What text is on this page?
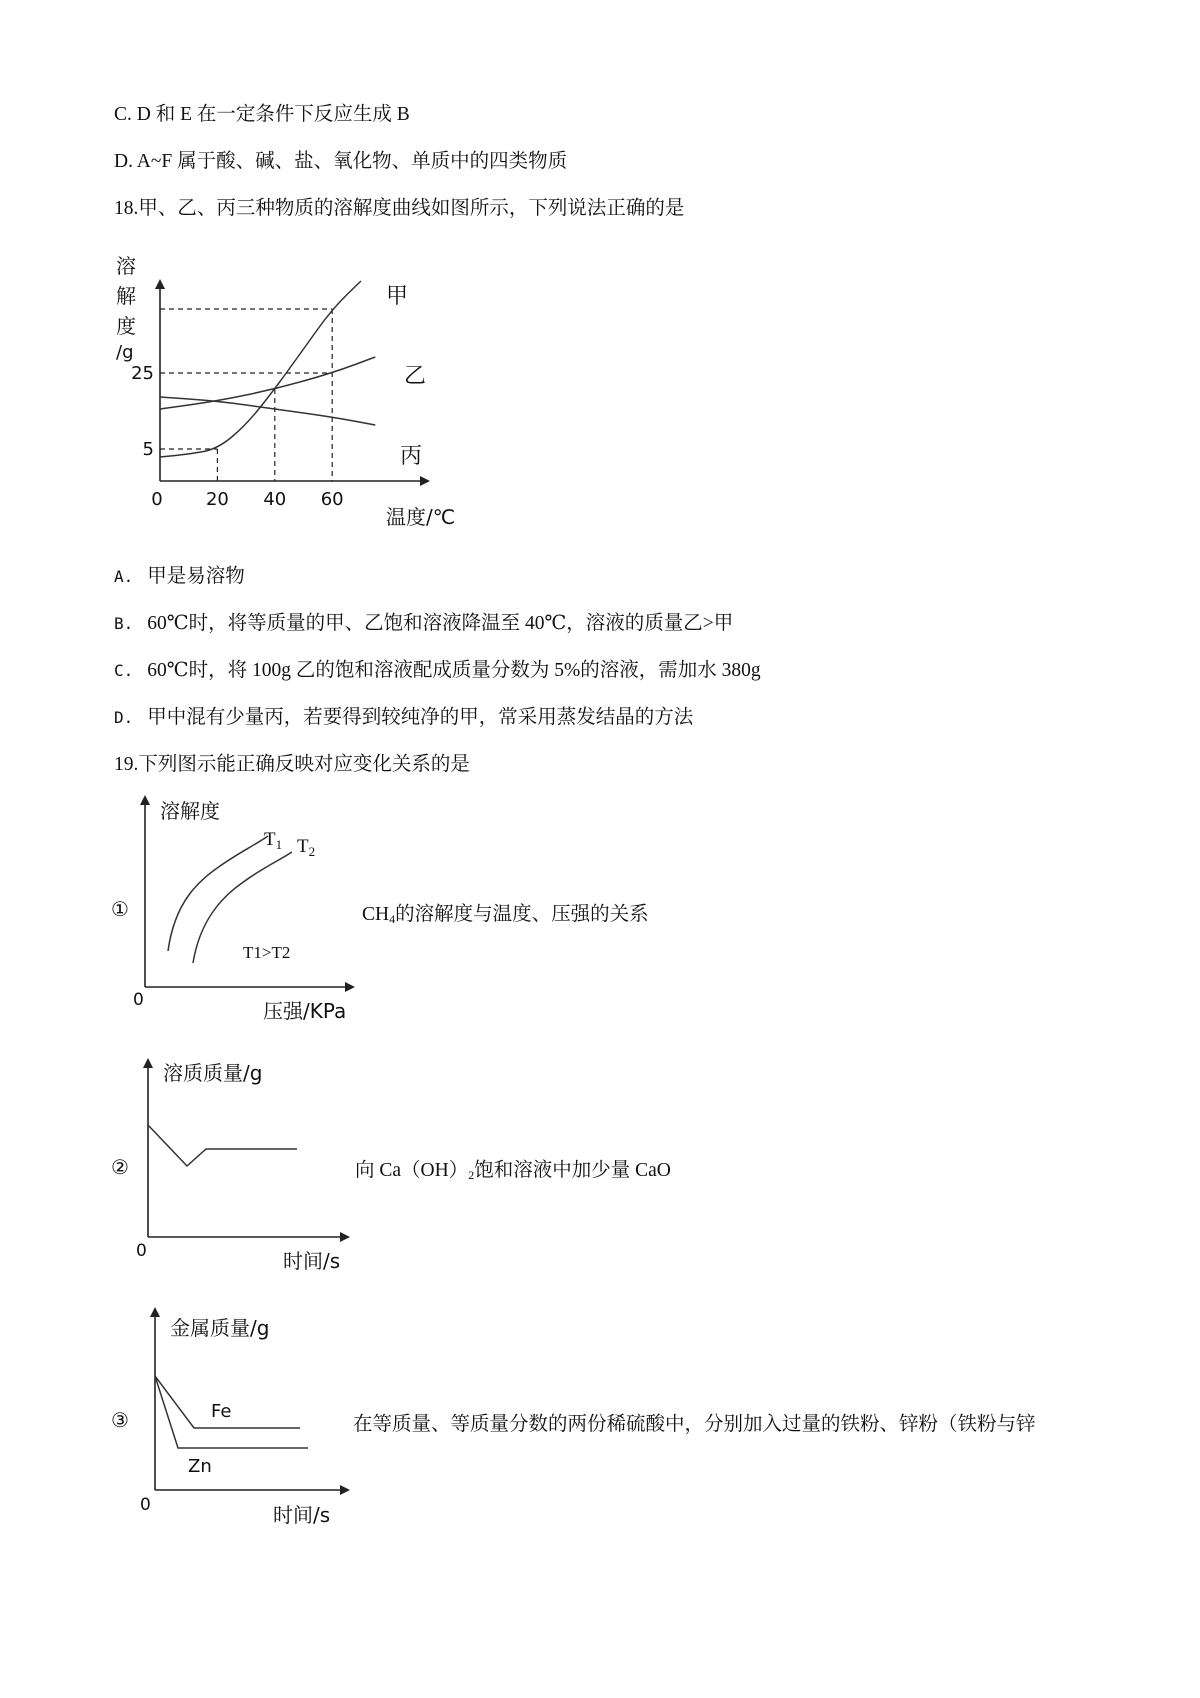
C. D 和 E 在一定条件下反应生成 B
D. A~F 属于酸、碱、盐、氧化物、单质中的四类物质
18.甲、乙、丙三种物质的溶解度曲线如图所示，下列说法正确的是
0 20 40 60
5
25
溶
解
度
/g
温度/℃
甲
乙
丙
A. 甲是易溶物
B. 60℃时，将等质量的甲、乙饱和溶液降温至 40℃，溶液的质量乙>甲
C. 60℃时，将 100g 乙的饱和溶液配成质量分数为 5%的溶液，需加水 380g
D. 甲中混有少量丙，若要得到较纯净的甲，常采用蒸发结晶的方法
19.下列图示能正确反映对应变化关系的是
溶解度
$T_1$ $T_2$
T1>T2
0	压强/KPa
①	$CH_4$的溶解度与温度、压强的关系
溶质质量/g
0	时间/s
②	向 $Ca(OH)_2$饱和溶液中加少量 CaO
金属质量/g
Fe
Zn
0	时间/s
③	在等质量、等质量分数的两份稀硫酸中，分别加入过量的铁粉、锌粉（铁粉与锌
